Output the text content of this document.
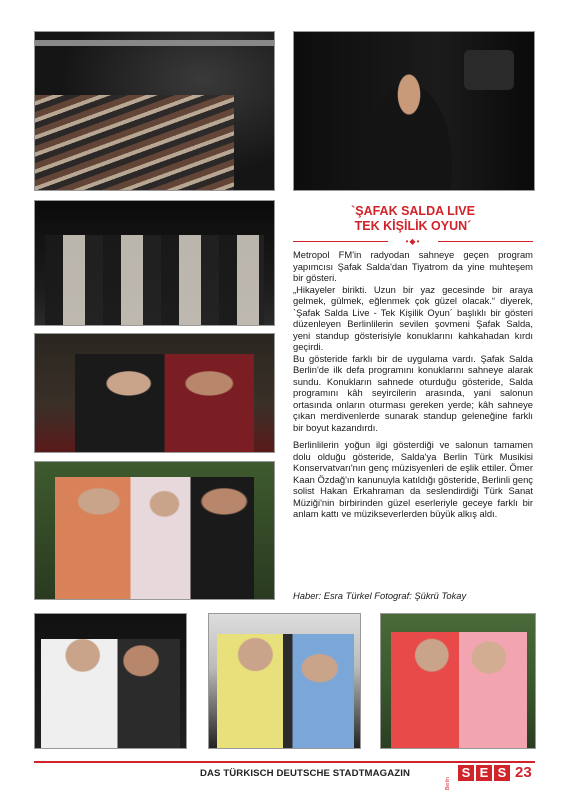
`ŞAFAK SALDA LIVE
TEK KİŞİLİK OYUN´
•◆•

Metropol FM'in radyodan sahneye geçen program yapımcısı Şafak Salda'dan Tiyatrom da yine muhteşem bir gösteri.

„Hikayeler birikti. Uzun bir yaz gecesinde bir araya gelmek, gülmek, eğlenmek çok güzel olacak.“ diyerek, `Şafak Salda Live - Tek Kişilik Oyun´ başlıklı bir gösteri düzenleyen Berlinlilerin sevilen şovmeni Şafak Salda, yeni standup gösterisiyle konuklarını kahkahadan kırdı geçirdi.

Bu gösteride farklı bir de uygulama vardı. Şafak Salda Berlin'de ilk defa programını konuklarını sahneye alarak sundu. Konukların sahnede oturduğu gösteride, Salda programını kâh seyircilerin arasında, yani salonun ortasında onların oturması gereken yerde; kâh sahneye çıkan merdivenlerde sunarak standup geleneğine farklı bir boyut kazandırdı.

Berlinlilerin yoğun ilgi gösterdiği ve salonun tamamen dolu olduğu gösteride, Salda'ya Berlin Türk Musikisi Konservatvarı'nın genç müzisyenleri de eşlik ettiler. Ömer Kaan Özdağ'ın kanunuyla katıldığı gösteride, Berlinli genç solist Hakan Erkahraman da seslendirdiği Türk Sanat Müziği'nin birbirinden güzel eserleriyle geceye farklı bir anlam kattı ve müzikseverlerden büyük alkış aldı.

Haber: Esra Türkel Fotograf: Şükrü Tokay
DAS TÜRKISCH DEUTSCHE STADTMAGAZIN
Berlin
S E S 23
